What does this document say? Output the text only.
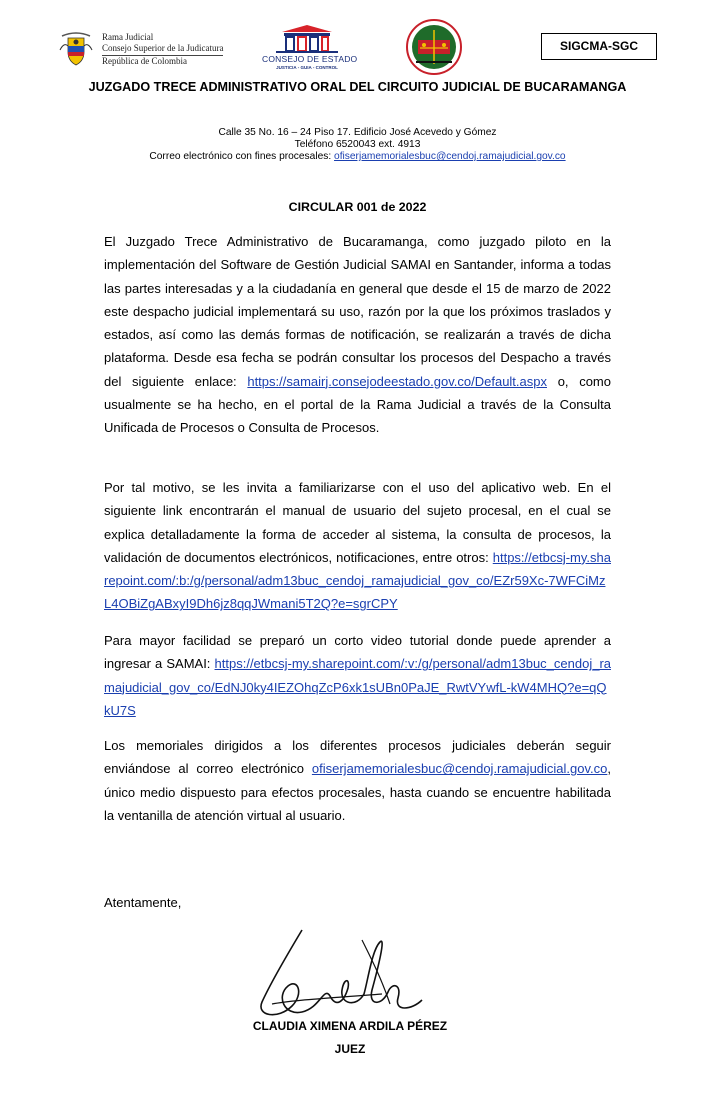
Rama Judicial
Consejo Superior de la Judicatura
República de Colombia	CONSEJO DE ESTADO
JUSTICIA - GUIA - CONTROL
SIGCMA-SGC
JUZGADO TRECE ADMINISTRATIVO ORAL DEL CIRCUITO JUDICIAL DE BUCARAMANGA
Calle 35 No. 16 – 24 Piso 17. Edificio José Acevedo y Gómez
Teléfono 6520043 ext. 4913
Correo electrónico con fines procesales: ofiserjamemorialesbuc@cendoj.ramajudicial.gov.co
CIRCULAR 001 de 2022
El Juzgado Trece Administrativo de Bucaramanga, como juzgado piloto en la implementación del Software de Gestión Judicial SAMAI en Santander, informa a todas las partes interesadas y a la ciudadanía en general que desde el 15 de marzo de 2022 este despacho judicial implementará su uso, razón por la que los próximos traslados y estados, así como las demás formas de notificación, se realizarán a través de dicha plataforma. Desde esa fecha se podrán consultar los procesos del Despacho a través del siguiente enlace: https://samairj.consejodeestado.gov.co/Default.aspx o, como usualmente se ha hecho, en el portal de la Rama Judicial a través de la Consulta Unificada de Procesos o Consulta de Procesos.
Por tal motivo, se les invita a familiarizarse con el uso del aplicativo web. En el siguiente link encontrarán el manual de usuario del sujeto procesal, en el cual se explica detalladamente la forma de acceder al sistema, la consulta de procesos, la validación de documentos electrónicos, notificaciones, entre otros: https://etbcsj-my.sharepoint.com/:b:/g/personal/adm13buc_cendoj_ramajudicial_gov_co/EZr59Xc-7WFCiMzL4OBiZgABxyI9Dh6jz8qqJWmani5T2Q?e=sgrCPY
Para mayor facilidad se preparó un corto video tutorial donde puede aprender a ingresar a SAMAI: https://etbcsj-my.sharepoint.com/:v:/g/personal/adm13buc_cendoj_ramajudicial_gov_co/EdNJ0ky4IEZOhqZcP6xk1sUBn0PaJE_RwtVYwfL-kW4MHQ?e=qQkU7S
Los memoriales dirigidos a los diferentes procesos judiciales deberán seguir enviándose al correo electrónico ofiserjamemorialesbuc@cendoj.ramajudicial.gov.co, único medio dispuesto para efectos procesales, hasta cuando se encuentre habilitada la ventanilla de atención virtual al usuario.
Atentamente,
CLAUDIA XIMENA ARDILA PÉREZ
JUEZ
